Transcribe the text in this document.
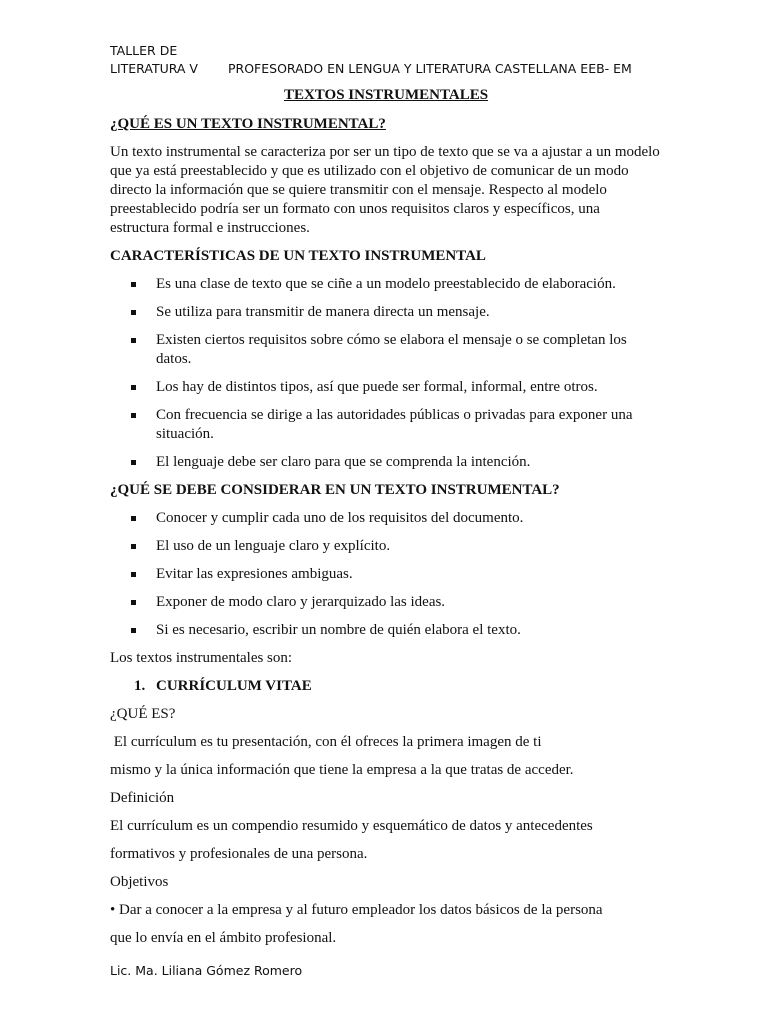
TALLER DE
LITERATURA V PROFESORADO EN LENGUA Y LITERATURA CASTELLANA EEB- EM
TEXTOS INSTRUMENTALES
¿QUÉ ES UN TEXTO INSTRUMENTAL?

Un texto instrumental se caracteriza por ser un tipo de texto que se va a ajustar a un modelo que ya está preestablecido y que es utilizado con el objetivo de comunicar de un modo directo la información que se quiere transmitir con el mensaje. Respecto al modelo preestablecido podría ser un formato con unos requisitos claros y específicos, una estructura formal e instrucciones.

CARACTERÍSTICAS DE UN TEXTO INSTRUMENTAL
Es una clase de texto que se ciñe a un modelo preestablecido de elaboración.
Se utiliza para transmitir de manera directa un mensaje.
Existen ciertos requisitos sobre cómo se elabora el mensaje o se completan los datos.
Los hay de distintos tipos, así que puede ser formal, informal, entre otros.
Con frecuencia se dirige a las autoridades públicas o privadas para exponer una situación.
El lenguaje debe ser claro para que se comprenda la intención.
¿QUÉ SE DEBE CONSIDERAR EN UN TEXTO INSTRUMENTAL?
Conocer y cumplir cada uno de los requisitos del documento.
El uso de un lenguaje claro y explícito.
Evitar las expresiones ambiguas.
Exponer de modo claro y jerarquizado las ideas.
Si es necesario, escribir un nombre de quién elabora el texto.

Los textos instrumentales son:

1. CURRÍCULUM VITAE

¿QUÉ ES?

El currículum es tu presentación, con él ofreces la primera imagen de ti

mismo y la única información que tiene la empresa a la que tratas de acceder.

Definición

El currículum es un compendio resumido y esquemático de datos y antecedentes

formativos y profesionales de una persona.

Objetivos

• Dar a conocer a la empresa y al futuro empleador los datos básicos de la persona

que lo envía en el ámbito profesional.

Lic. Ma. Liliana Gómez Romero
